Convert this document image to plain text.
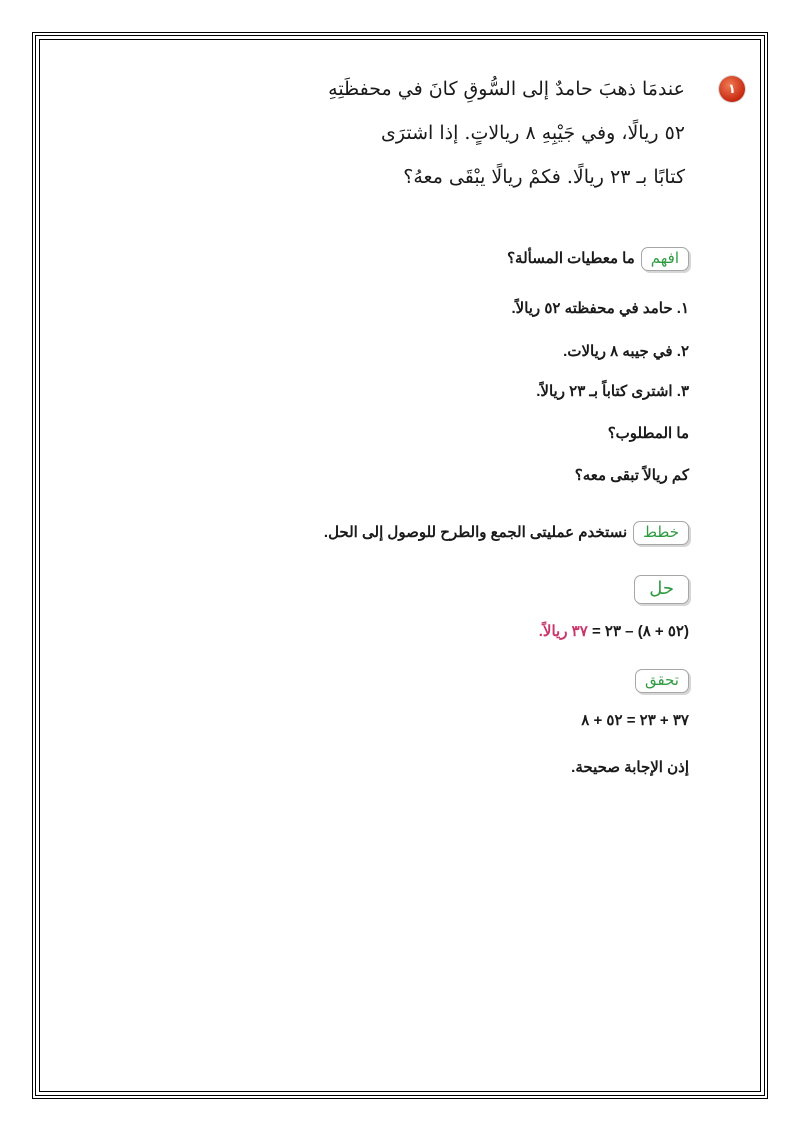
١
عندمَا ذهبَ حامدٌ إلى السُّوقِ كانَ في محفظَتِهِ
٥٢ ريالًا، وفي جَيْبِهِ ٨ ريالاتٍ. إذا اشترَى
كتابًا بـ ٢٣ ريالًا. فكمْ ريالًا يبْقَى معهُ؟
افهمما معطيات المسألة؟
١. حامد في محفظته ٥٢ ريالاً.
٢. في جيبه ٨ ريالات.
٣. اشترى كتاباً بـ ٢٣ ريالاً.
ما المطلوب؟
كم ريالاً تبقى معه؟
خططنستخدم عمليتى الجمع والطرح للوصول إلى الحل.
حل
(٥٢ + ٨) – ٢٣ = ٣٧ ريالاً.
تحقق
٣٧ + ٢٣ = ٥٢ + ٨
إذن الإجابة صحيحة.
